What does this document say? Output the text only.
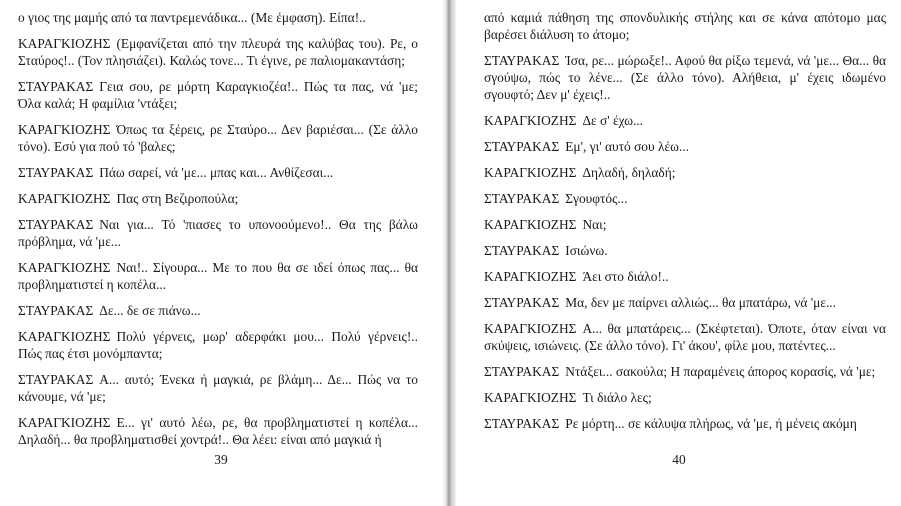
ο γιος της μαμής από τα παντρεμενάδικα... (Με έμφαση). Είπα!..

ΚΑΡΑΓΚΙΟΖΗΣ (Εμφανίζεται από την πλευρά της καλύβας του). Ρε, ο Σταύρος!.. (Τον πλησιάζει). Καλώς τονε... Τι έγινε, ρε παλιομακαντάση;

ΣΤΑΥΡΑΚΑΣ Γεια σου, ρε μόρτη Καραγκιοζέα!.. Πώς τα πας, νά 'με; Όλα καλά; Η φαμίλια 'ντάξει;

ΚΑΡΑΓΚΙΟΖΗΣ Όπως τα ξέρεις, ρε Σταύρο... Δεν βαριέσαι... (Σε άλλο τόνο). Εσύ για πού τό 'βαλες;

ΣΤΑΥΡΑΚΑΣ Πάω σαρεί, νά 'με... μπας και... Ανθίζεσαι...

ΚΑΡΑΓΚΙΟΖΗΣ Πας στη Βεζιροπούλα;

ΣΤΑΥΡΑΚΑΣ Ναι για... Τό 'πιασες το υπονοούμενο!.. Θα της βάλω πρόβλημα, νά 'με...

ΚΑΡΑΓΚΙΟΖΗΣ Ναι!.. Σίγουρα... Με το που θα σε ιδεί όπως πας... θα προβληματιστεί η κοπέλα...

ΣΤΑΥΡΑΚΑΣ Δε... δε σε πιάνω...

ΚΑΡΑΓΚΙΟΖΗΣ Πολύ γέρνεις, μωρ' αδερφάκι μου... Πολύ γέρνεις!.. Πώς πας έτσι μονόμπαντα;

ΣΤΑΥΡΑΚΑΣ Α... αυτό; Ένεκα ή μαγκιά, ρε βλάμη... Δε... Πώς να το κάνουμε, νά 'με;

ΚΑΡΑΓΚΙΟΖΗΣ Ε... γι' αυτό λέω, ρε, θα προβληματιστεί η κοπέλα... Δηλαδή... θα προβληματισθεί χοντρά!.. Θα λέει: είναι από μαγκιά ή

39

από καμιά πάθηση της σπονδυλικής στήλης και σε κάνα απότομο μας βαρέσει διάλυση το άτομο;

ΣΤΑΥΡΑΚΑΣ Ίσα, ρε... μώρωξε!.. Αφού θα ρίξω τεμενά, νά 'με... Θα... θα σγούψω, πώς το λένε... (Σε άλλο τόνο). Αλήθεια, μ' έχεις ιδωμένο σγουφτό; Δεν μ' έχεις!..

ΚΑΡΑΓΚΙΟΖΗΣ Δε σ' έχω...

ΣΤΑΥΡΑΚΑΣ Εμ', γι' αυτό σου λέω...

ΚΑΡΑΓΚΙΟΖΗΣ Δηλαδή, δηλαδή;

ΣΤΑΥΡΑΚΑΣ Σγουφτός...

ΚΑΡΑΓΚΙΟΖΗΣ Ναι;

ΣΤΑΥΡΑΚΑΣ Ισιώνω.

ΚΑΡΑΓΚΙΟΖΗΣ Άει στο διάλο!..

ΣΤΑΥΡΑΚΑΣ Μα, δεν με παίρνει αλλιώς... θα μπατάρω, νά 'με...

ΚΑΡΑΓΚΙΟΖΗΣ Α... θα μπατάρεις... (Σκέφτεται). Όποτε, όταν είναι να σκύψεις, ισιώνεις. (Σε άλλο τόνο). Γι' άκου', φίλε μου, πατέντες...

ΣΤΑΥΡΑΚΑΣ Ντάξει... σακούλα; Η παραμένεις άπορος κορασίς, νά 'με;

ΚΑΡΑΓΚΙΟΖΗΣ Τι διάλο λες;

ΣΤΑΥΡΑΚΑΣ Ρε μόρτη... σε κάλυψα πλήρως, νά 'με, ή μένεις ακόμη

40
